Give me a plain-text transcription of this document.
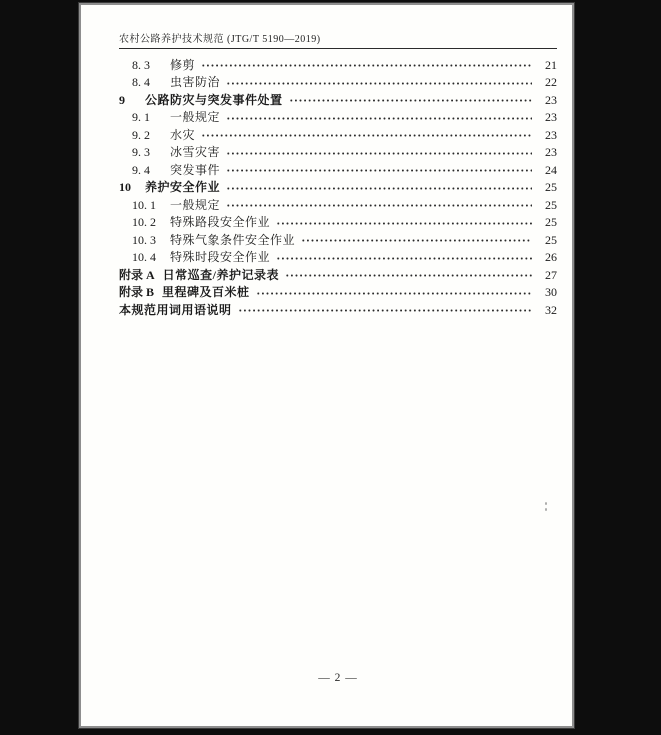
农村公路养护技术规范 (JTG/T 5190—2019)
8. 3	修剪	21
8. 4	虫害防治	22
9	公路防灾与突发事件处置	23
9. 1	一般规定	23
9. 2	水灾	23
9. 3	冰雪灾害	23
9. 4	突发事件	24
10	养护安全作业	25
10. 1	一般规定	25
10. 2	特殊路段安全作业	25
10. 3	特殊气象条件安全作业	25
10. 4	特殊时段安全作业	26
附录 A 日常巡查/养护记录表	27
附录 B 里程碑及百米桩	30
本规范用词用语说明	32
— 2 —
